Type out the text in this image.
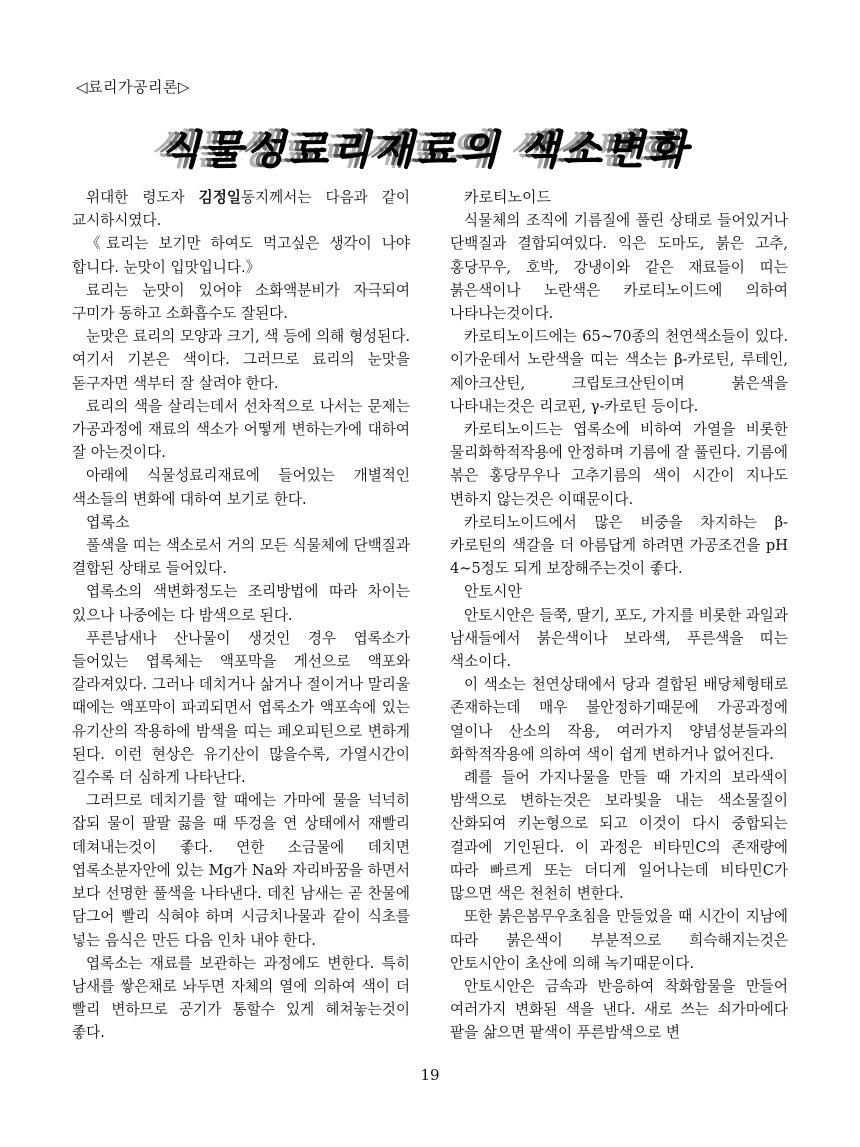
◁료리가공리론▷
식물성료리재료의 색소변화

위대한 령도자 김정일동지께서는 다음과 같이 교시하시였다.

《료리는 보기만 하여도 먹고싶은 생각이 나야 합니다. 눈맛이 입맛입니다.》

료리는 눈맛이 있어야 소화액분비가 자극되여 구미가 동하고 소화흡수도 잘된다.

눈맛은 료리의 모양과 크기, 색 등에 의해 형성된다. 여기서 기본은 색이다. 그러므로 료리의 눈맛을 돋구자면 색부터 잘 살려야 한다.

료리의 색을 살리는데서 선차적으로 나서는 문제는 가공과정에 재료의 색소가 어떻게 변하는가에 대하여 잘 아는것이다.

아래에 식물성료리재료에 들어있는 개별적인 색소들의 변화에 대하여 보기로 한다.

엽록소

풀색을 띠는 색소로서 거의 모든 식물체에 단백질과 결합된 상태로 들어있다.

엽록소의 색변화정도는 조리방법에 따라 차이는 있으나 나중에는 다 밤색으로 된다.

푸른남새나 산나물이 생것인 경우 엽록소가 들어있는 엽록체는 액포막을 게선으로 액포와 갈라져있다. 그러나 데치거나 삶거나 절이거나 말리울 때에는 액포막이 파괴되면서 엽록소가 액포속에 있는 유기산의 작용하에 밤색을 띠는 페오피틴으로 변하게 된다. 이런 현상은 유기산이 많을수록, 가열시간이 길수록 더 심하게 나타난다.

그러므로 데치기를 할 때에는 가마에 물을 넉넉히 잡되 물이 팔팔 끓을 때 뚜겅을 연 상태에서 재빨리 데쳐내는것이 좋다. 연한 소금물에 데치면 엽록소분자안에 있는 Mg가 Na와 자리바꿈을 하면서 보다 선명한 풀색을 나타낸다. 데친 남새는 곧 찬물에 담그어 빨리 식혀야 하며 시금치나물과 같이 식초를 넣는 음식은 만든 다음 인차 내야 한다.

엽록소는 재료를 보관하는 과정에도 변한다. 특히 남새를 쌓은채로 놔두면 자체의 열에 의하여 색이 더 빨리 변하므로 공기가 통할수 있게 헤쳐놓는것이 좋다.

카로티노이드

식물체의 조직에 기름질에 풀린 상태로 들어있거나 단백질과 결합되여있다. 익은 도마도, 붉은 고추, 홍당무우, 호박, 강냉이와 같은 재료들이 띠는 붉은색이나 노란색은 카로티노이드에 의하여 나타나는것이다.

카로티노이드에는 65~70종의 천연색소들이 있다. 이가운데서 노란색을 띠는 색소는 β-카로틴, 루테인, 제아크산틴, 크립토크산틴이며 붉은색을 나타내는것은 리코핀, γ-카로틴 등이다.

카로티노이드는 엽록소에 비하여 가열을 비롯한 물리화학적작용에 안정하며 기름에 잘 풀린다. 기름에 볶은 홍당무우나 고추기름의 색이 시간이 지나도 변하지 않는것은 이때문이다.

카로티노이드에서 많은 비중을 차지하는 β-카로틴의 색갈을 더 아름답게 하려면 가공조건을 pH 4~5정도 되게 보장해주는것이 좋다.

안토시안

안토시안은 들쭉, 딸기, 포도, 가지를 비롯한 과일과 남새들에서 붉은색이나 보라색, 푸른색을 띠는 색소이다.

이 색소는 천연상태에서 당과 결합된 배당체형태로 존재하는데 매우 불안정하기때문에 가공과정에 열이나 산소의 작용, 여러가지 양념성분들과의 화학적작용에 의하여 색이 쉽게 변하거나 없어진다.

례를 들어 가지나물을 만들 때 가지의 보라색이 밤색으로 변하는것은 보라빛을 내는 색소물질이 산화되여 키논형으로 되고 이것이 다시 중합되는 결과에 기인된다. 이 과정은 비타민C의 존재량에 따라 빠르게 또는 더디게 일어나는데 비타민C가 많으면 색은 천천히 변한다.

또한 붉은봄무우초침을 만들었을 때 시간이 지남에 따라 붉은색이 부분적으로 희슥해지는것은 안토시안이 초산에 의해 녹기때문이다.

안토시안은 금속과 반응하여 착화합물을 만들어 여러가지 변화된 색을 낸다. 새로 쓰는 쇠가마에다 팥을 삶으면 팥색이 푸른밤색으로 변

19
